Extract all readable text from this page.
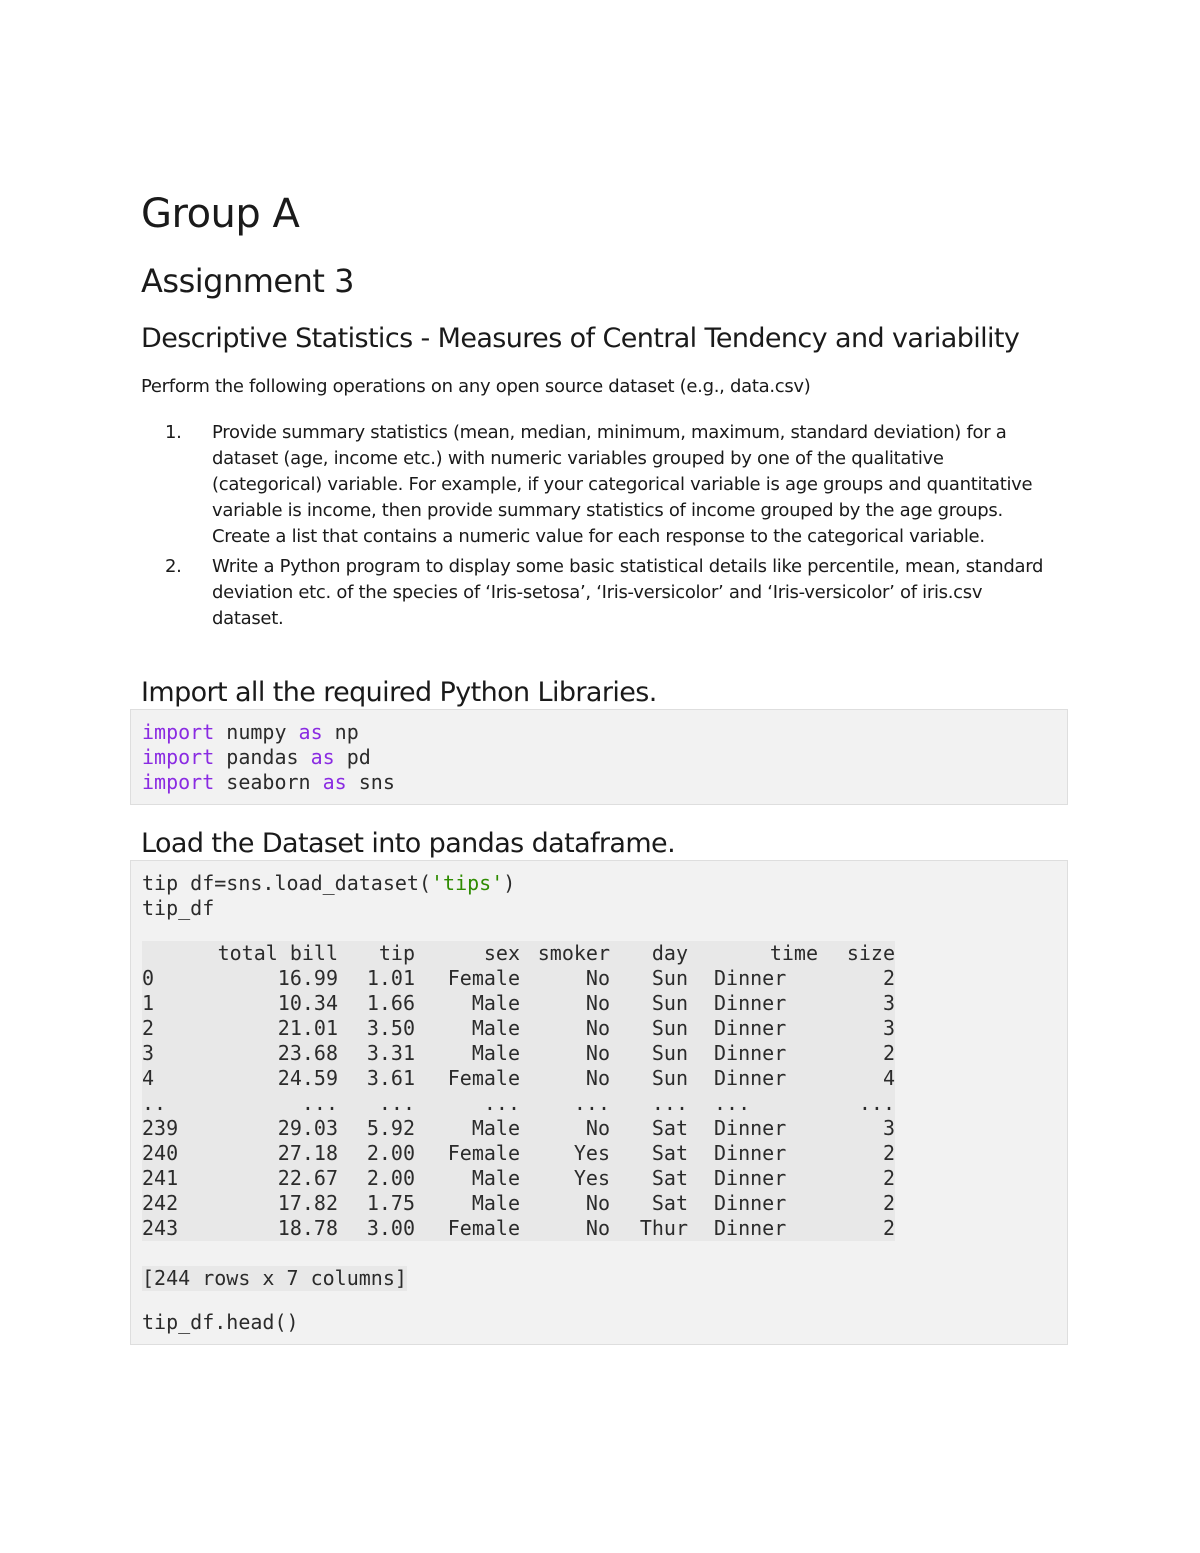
Group A
Assignment 3
Descriptive Statistics - Measures of Central Tendency and variability

Perform the following operations on any open source dataset (e.g., data.csv)

1. Provide summary statistics (mean, median, minimum, maximum, standard deviation) for a dataset (age, income etc.) with numeric variables grouped by one of the qualitative (categorical) variable. For example, if your categorical variable is age groups and quantitative variable is income, then provide summary statistics of income grouped by the age groups. Create a list that contains a numeric value for each response to the categorical variable.
2. Write a Python program to display some basic statistical details like percentile, mean, standard deviation etc. of the species of ‘Iris-setosa’, ‘Iris-versicolor’ and ‘Iris-versicolor’ of iris.csv dataset.
Import all the required Python Libraries.
import numpy as np
import pandas as pd
import seaborn as sns
Load the Dataset into pandas dataframe.
tip df=sns.load_dataset('tips')
tip_df
	total bill	tip	sex	smoker	day	time	size
0	16.99	1.01	Female	No	Sun	Dinner	2
1	10.34	1.66	Male	No	Sun	Dinner	3
2	21.01	3.50	Male	No	Sun	Dinner	3
3	23.68	3.31	Male	No	Sun	Dinner	2
4	24.59	3.61	Female	No	Sun	Dinner	4
..	...	...	...	...	...	...	...
239	29.03	5.92	Male	No	Sat	Dinner	3
240	27.18	2.00	Female	Yes	Sat	Dinner	2
241	22.67	2.00	Male	Yes	Sat	Dinner	2
242	17.82	1.75	Male	No	Sat	Dinner	2
243	18.78	3.00	Female	No	Thur	Dinner	2
[244 rows x 7 columns]
tip_df.head()
